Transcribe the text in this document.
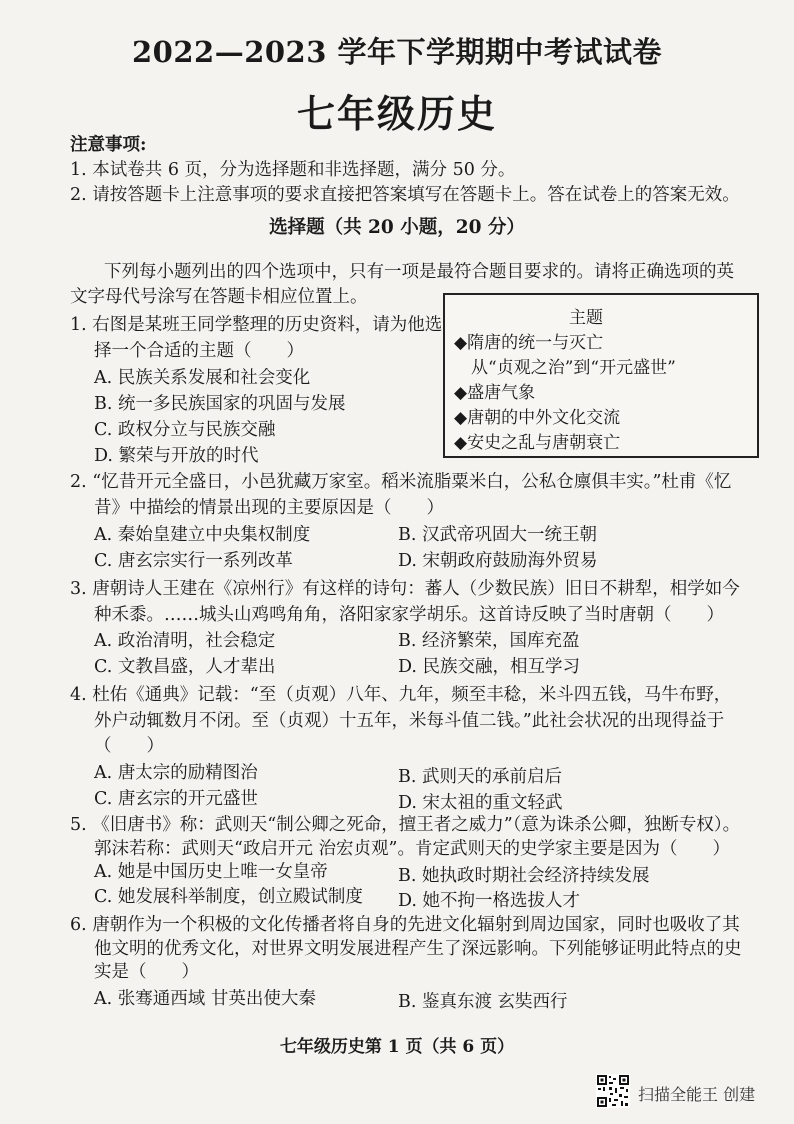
2022—2023 学年下学期期中考试试卷
七年级历史
注意事项:
1. 本试卷共 6 页，分为选择题和非选择题，满分 50 分。
2. 请按答题卡上注意事项的要求直接把答案填写在答题卡上。答在试卷上的答案无效。
选择题（共 20 小题，20 分）
下列每小题列出的四个选项中，只有一项是最符合题目要求的。请将正确选项的英
文字母代号涂写在答题卡相应位置上。
1. 右图是某班王同学整理的历史资料，请为他选
择一个合适的主题（　　）
A. 民族关系发展和社会变化
B. 统一多民族国家的巩固与发展
C. 政权分立与民族交融
D. 繁荣与开放的时代
主题
◆隋唐的统一与灭亡
从“贞观之治”到“开元盛世”
◆盛唐气象
◆唐朝的中外文化交流
◆安史之乱与唐朝衰亡
2. “忆昔开元全盛日，小邑犹藏万家室。稻米流脂粟米白，公私仓廪俱丰实。”杜甫《忆
昔》中描绘的情景出现的主要原因是（　　）
A. 秦始皇建立中央集权制度	B. 汉武帝巩固大一统王朝
C. 唐玄宗实行一系列改革	D. 宋朝政府鼓励海外贸易
3. 唐朝诗人王建在《凉州行》有这样的诗句：蕃人（少数民族）旧日不耕犁，相学如今
种禾黍。……城头山鸡鸣角角，洛阳家家学胡乐。这首诗反映了当时唐朝（　　）
A. 政治清明，社会稳定	B. 经济繁荣，国库充盈
C. 文教昌盛，人才辈出	D. 民族交融，相互学习
4. 杜佑《通典》记载：“至（贞观）八年、九年，频至丰稔，米斗四五钱，马牛布野，
外户动辄数月不闭。至（贞观）十五年，米每斗值二钱。”此社会状况的出现得益于
（　　）
A. 唐太宗的励精图治	B. 武则天的承前启后
C. 唐玄宗的开元盛世	D. 宋太祖的重文轻武
5. 《旧唐书》称：武则天“制公卿之死命，擅王者之威力”（意为诛杀公卿，独断专权）。
郭沫若称：武则天“政启开元 治宏贞观”。肯定武则天的史学家主要是因为（　　）
A. 她是中国历史上唯一女皇帝	B. 她执政时期社会经济持续发展
C. 她发展科举制度，创立殿试制度 D. 她不拘一格选拔人才
6. 唐朝作为一个积极的文化传播者将自身的先进文化辐射到周边国家，同时也吸收了其
他文明的优秀文化，对世界文明发展进程产生了深远影响。下列能够证明此特点的史
实是（　　）
A. 张骞通西域 甘英出使大秦	B. 鉴真东渡 玄奘西行
七年级历史第 1 页（共 6 页）
扫描全能王 创建
